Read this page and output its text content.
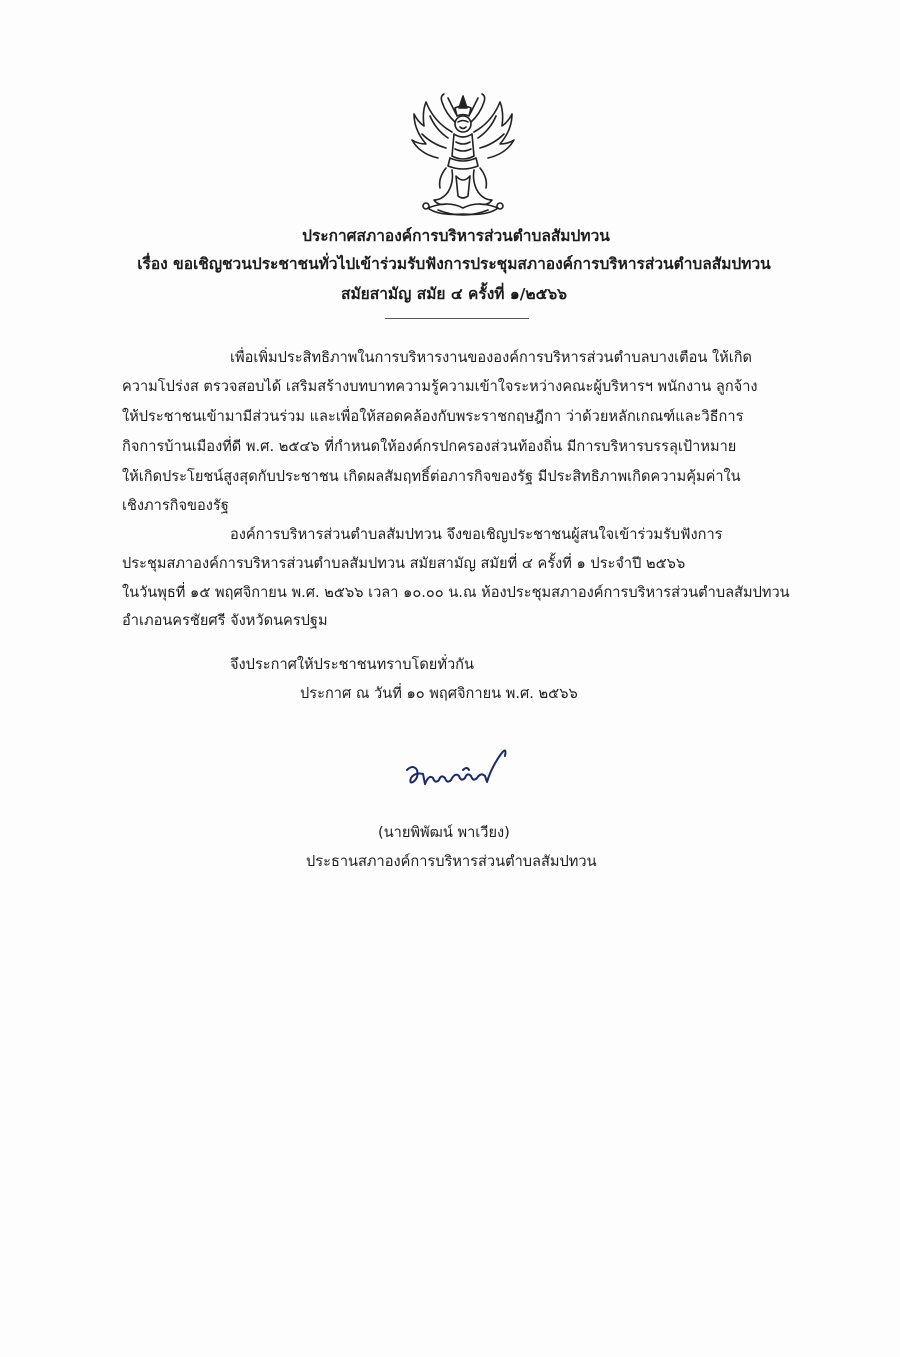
ประกาศสภาองค์การบริหารส่วนตำบลสัมปทวน
เรื่อง ขอเชิญชวนประชาชนทั่วไปเข้าร่วมรับฟังการประชุมสภาองค์การบริหารส่วนตำบลสัมปทวน
สมัยสามัญ สมัย ๔ ครั้งที่ ๑/๒๕๖๖
เพื่อเพิ่มประสิทธิภาพในการบริหารงานขององค์การบริหารส่วนตำบลบางเตือน ให้เกิด
ความโปร่งส ตรวจสอบได้ เสริมสร้างบทบาทความรู้ความเข้าใจระหว่างคณะผู้บริหารฯ พนักงาน ลูกจ้าง
ให้ประชาชนเข้ามามีส่วนร่วม และเพื่อให้สอดคล้องกับพระราชกฤษฎีกา ว่าด้วยหลักเกณฑ์และวิธีการ
กิจการบ้านเมืองที่ดี พ.ศ. ๒๕๔๖ ที่กำหนดให้องค์กรปกครองส่วนท้องถิ่น มีการบริหารบรรลุเป้าหมาย
ให้เกิดประโยชน์สูงสุดกับประชาชน เกิดผลสัมฤทธิ์ต่อภารกิจของรัฐ มีประสิทธิภาพเกิดความคุ้มค่าใน
เชิงภารกิจของรัฐ
องค์การบริหารส่วนตำบลสัมปทวน จึงขอเชิญประชาชนผู้สนใจเข้าร่วมรับฟังการ
ประชุมสภาองค์การบริหารส่วนตำบลสัมปทวน สมัยสามัญ สมัยที่ ๔ ครั้งที่ ๑ ประจำปี ๒๕๖๖
ในวันพุธที่ ๑๕ พฤศจิกายน พ.ศ. ๒๕๖๖ เวลา ๑๐.๐๐ น.ณ ห้องประชุมสภาองค์การบริหารส่วนตำบลสัมปทวน
อำเภอนครชัยศรี จังหวัดนครปฐม
จึงประกาศให้ประชาชนทราบโดยทั่วกัน
ประกาศ ณ วันที่ ๑๐ พฤศจิกายน พ.ศ. ๒๕๖๖
(นายพิพัฒน์ พาเวียง)
ประธานสภาองค์การบริหารส่วนตำบลสัมปทวน
